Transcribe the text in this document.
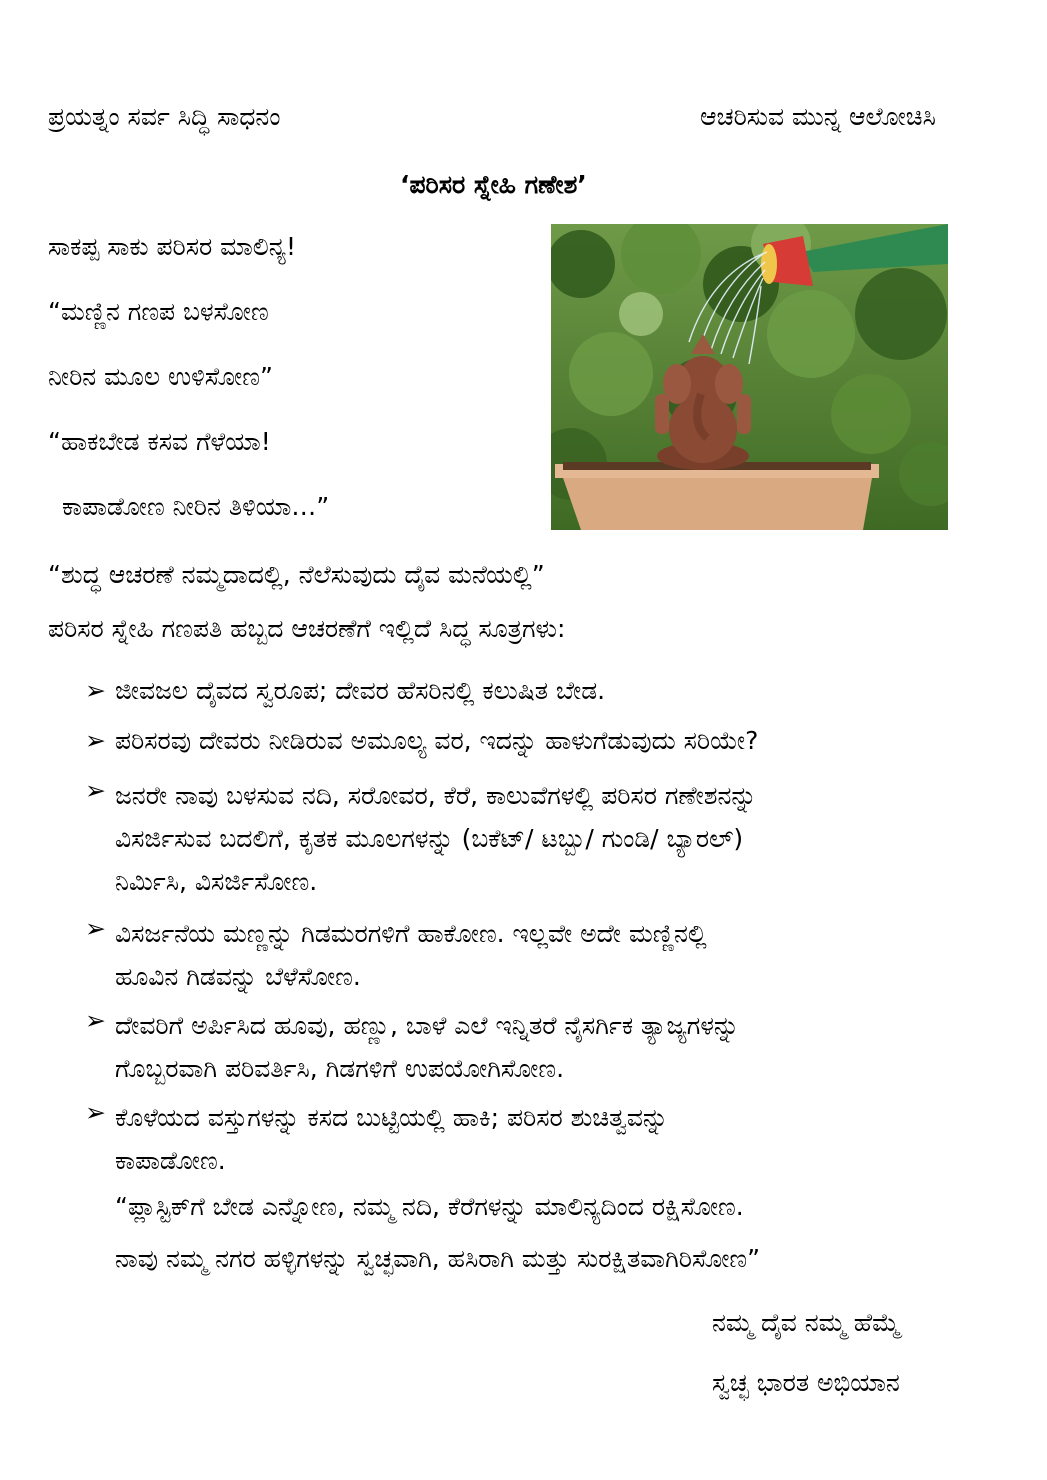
ಪ್ರಯತ್ನಂ ಸರ್ವ ಸಿದ್ಧಿ ಸಾಧನಂ	ಆಚರಿಸುವ ಮುನ್ನ ಆಲೋಚಿಸಿ
‘ಪರಿಸರ ಸ್ನೇಹಿ ಗಣೇಶ’
ಸಾಕಪ್ಪ ಸಾಕು ಪರಿಸರ ಮಾಲಿನ್ಯ!
“ಮಣ್ಣಿನ ಗಣಪ ಬಳಸೋಣ
ನೀರಿನ ಮೂಲ ಉಳಿಸೋಣ”
“ಹಾಕಬೇಡ ಕಸವ ಗೆಳೆಯಾ!
ಕಾಪಾಡೋಣ ನೀರಿನ ತಿಳಿಯಾ…”
“ಶುದ್ಧ ಆಚರಣೆ ನಮ್ಮದಾದಲ್ಲಿ, ನೆಲೆಸುವುದು ದೈವ ಮನೆಯಲ್ಲಿ”
ಪರಿಸರ ಸ್ನೇಹಿ ಗಣಪತಿ ಹಬ್ಬದ ಆಚರಣೆಗೆ ಇಲ್ಲಿದೆ ಸಿದ್ಧ ಸೂತ್ರಗಳು:
➢ ಜೀವಜಲ ದೈವದ ಸ್ವರೂಪ; ದೇವರ ಹೆಸರಿನಲ್ಲಿ ಕಲುಷಿತ ಬೇಡ.
➢ ಪರಿಸರವು ದೇವರು ನೀಡಿರುವ ಅಮೂಲ್ಯ ವರ, ಇದನ್ನು ಹಾಳುಗೆಡುವುದು ಸರಿಯೇ?
➢ ಜನರೇ ನಾವು ಬಳಸುವ ನದಿ, ಸರೋವರ, ಕೆರೆ, ಕಾಲುವೆಗಳಲ್ಲಿ ಪರಿಸರ ಗಣೇಶನನ್ನು
ವಿಸರ್ಜಿಸುವ ಬದಲಿಗೆ, ಕೃತಕ ಮೂಲಗಳನ್ನು (ಬಕೆಟ್/ ಟಬ್ಬು/ ಗುಂಡಿ/ ಬ್ಯಾರಲ್)
ನಿರ್ಮಿಸಿ, ವಿಸರ್ಜಿಸೋಣ.
➢ ವಿಸರ್ಜನೆಯ ಮಣ್ಣನ್ನು ಗಿಡಮರಗಳಿಗೆ ಹಾಕೋಣ. ಇಲ್ಲವೇ ಅದೇ ಮಣ್ಣಿನಲ್ಲಿ
ಹೂವಿನ ಗಿಡವನ್ನು ಬೆಳೆಸೋಣ.
➢ ದೇವರಿಗೆ ಅರ್ಪಿಸಿದ ಹೂವು, ಹಣ್ಣು, ಬಾಳೆ ಎಲೆ ಇನ್ನಿತರೆ ನೈಸರ್ಗಿಕ ತ್ಯಾಜ್ಯಗಳನ್ನು
ಗೊಬ್ಬರವಾಗಿ ಪರಿವರ್ತಿಸಿ, ಗಿಡಗಳಿಗೆ ಉಪಯೋಗಿಸೋಣ.
➢ ಕೊಳೆಯದ ವಸ್ತುಗಳನ್ನು ಕಸದ ಬುಟ್ಟಿಯಲ್ಲಿ ಹಾಕಿ; ಪರಿಸರ ಶುಚಿತ್ವವನ್ನು
ಕಾಪಾಡೋಣ.
“ಪ್ಲಾಸ್ಟಿಕ್‌ಗೆ ಬೇಡ ಎನ್ನೋಣ, ನಮ್ಮ ನದಿ, ಕೆರೆಗಳನ್ನು ಮಾಲಿನ್ಯದಿಂದ ರಕ್ಷಿಸೋಣ.
ನಾವು ನಮ್ಮ ನಗರ ಹಳ್ಳಿಗಳನ್ನು ಸ್ವಚ್ಛವಾಗಿ, ಹಸಿರಾಗಿ ಮತ್ತು ಸುರಕ್ಷಿತವಾಗಿರಿಸೋಣ”
ನಮ್ಮ ದೈವ ನಮ್ಮ ಹೆಮ್ಮೆ
ಸ್ವಚ್ಛ ಭಾರತ ಅಭಿಯಾನ
